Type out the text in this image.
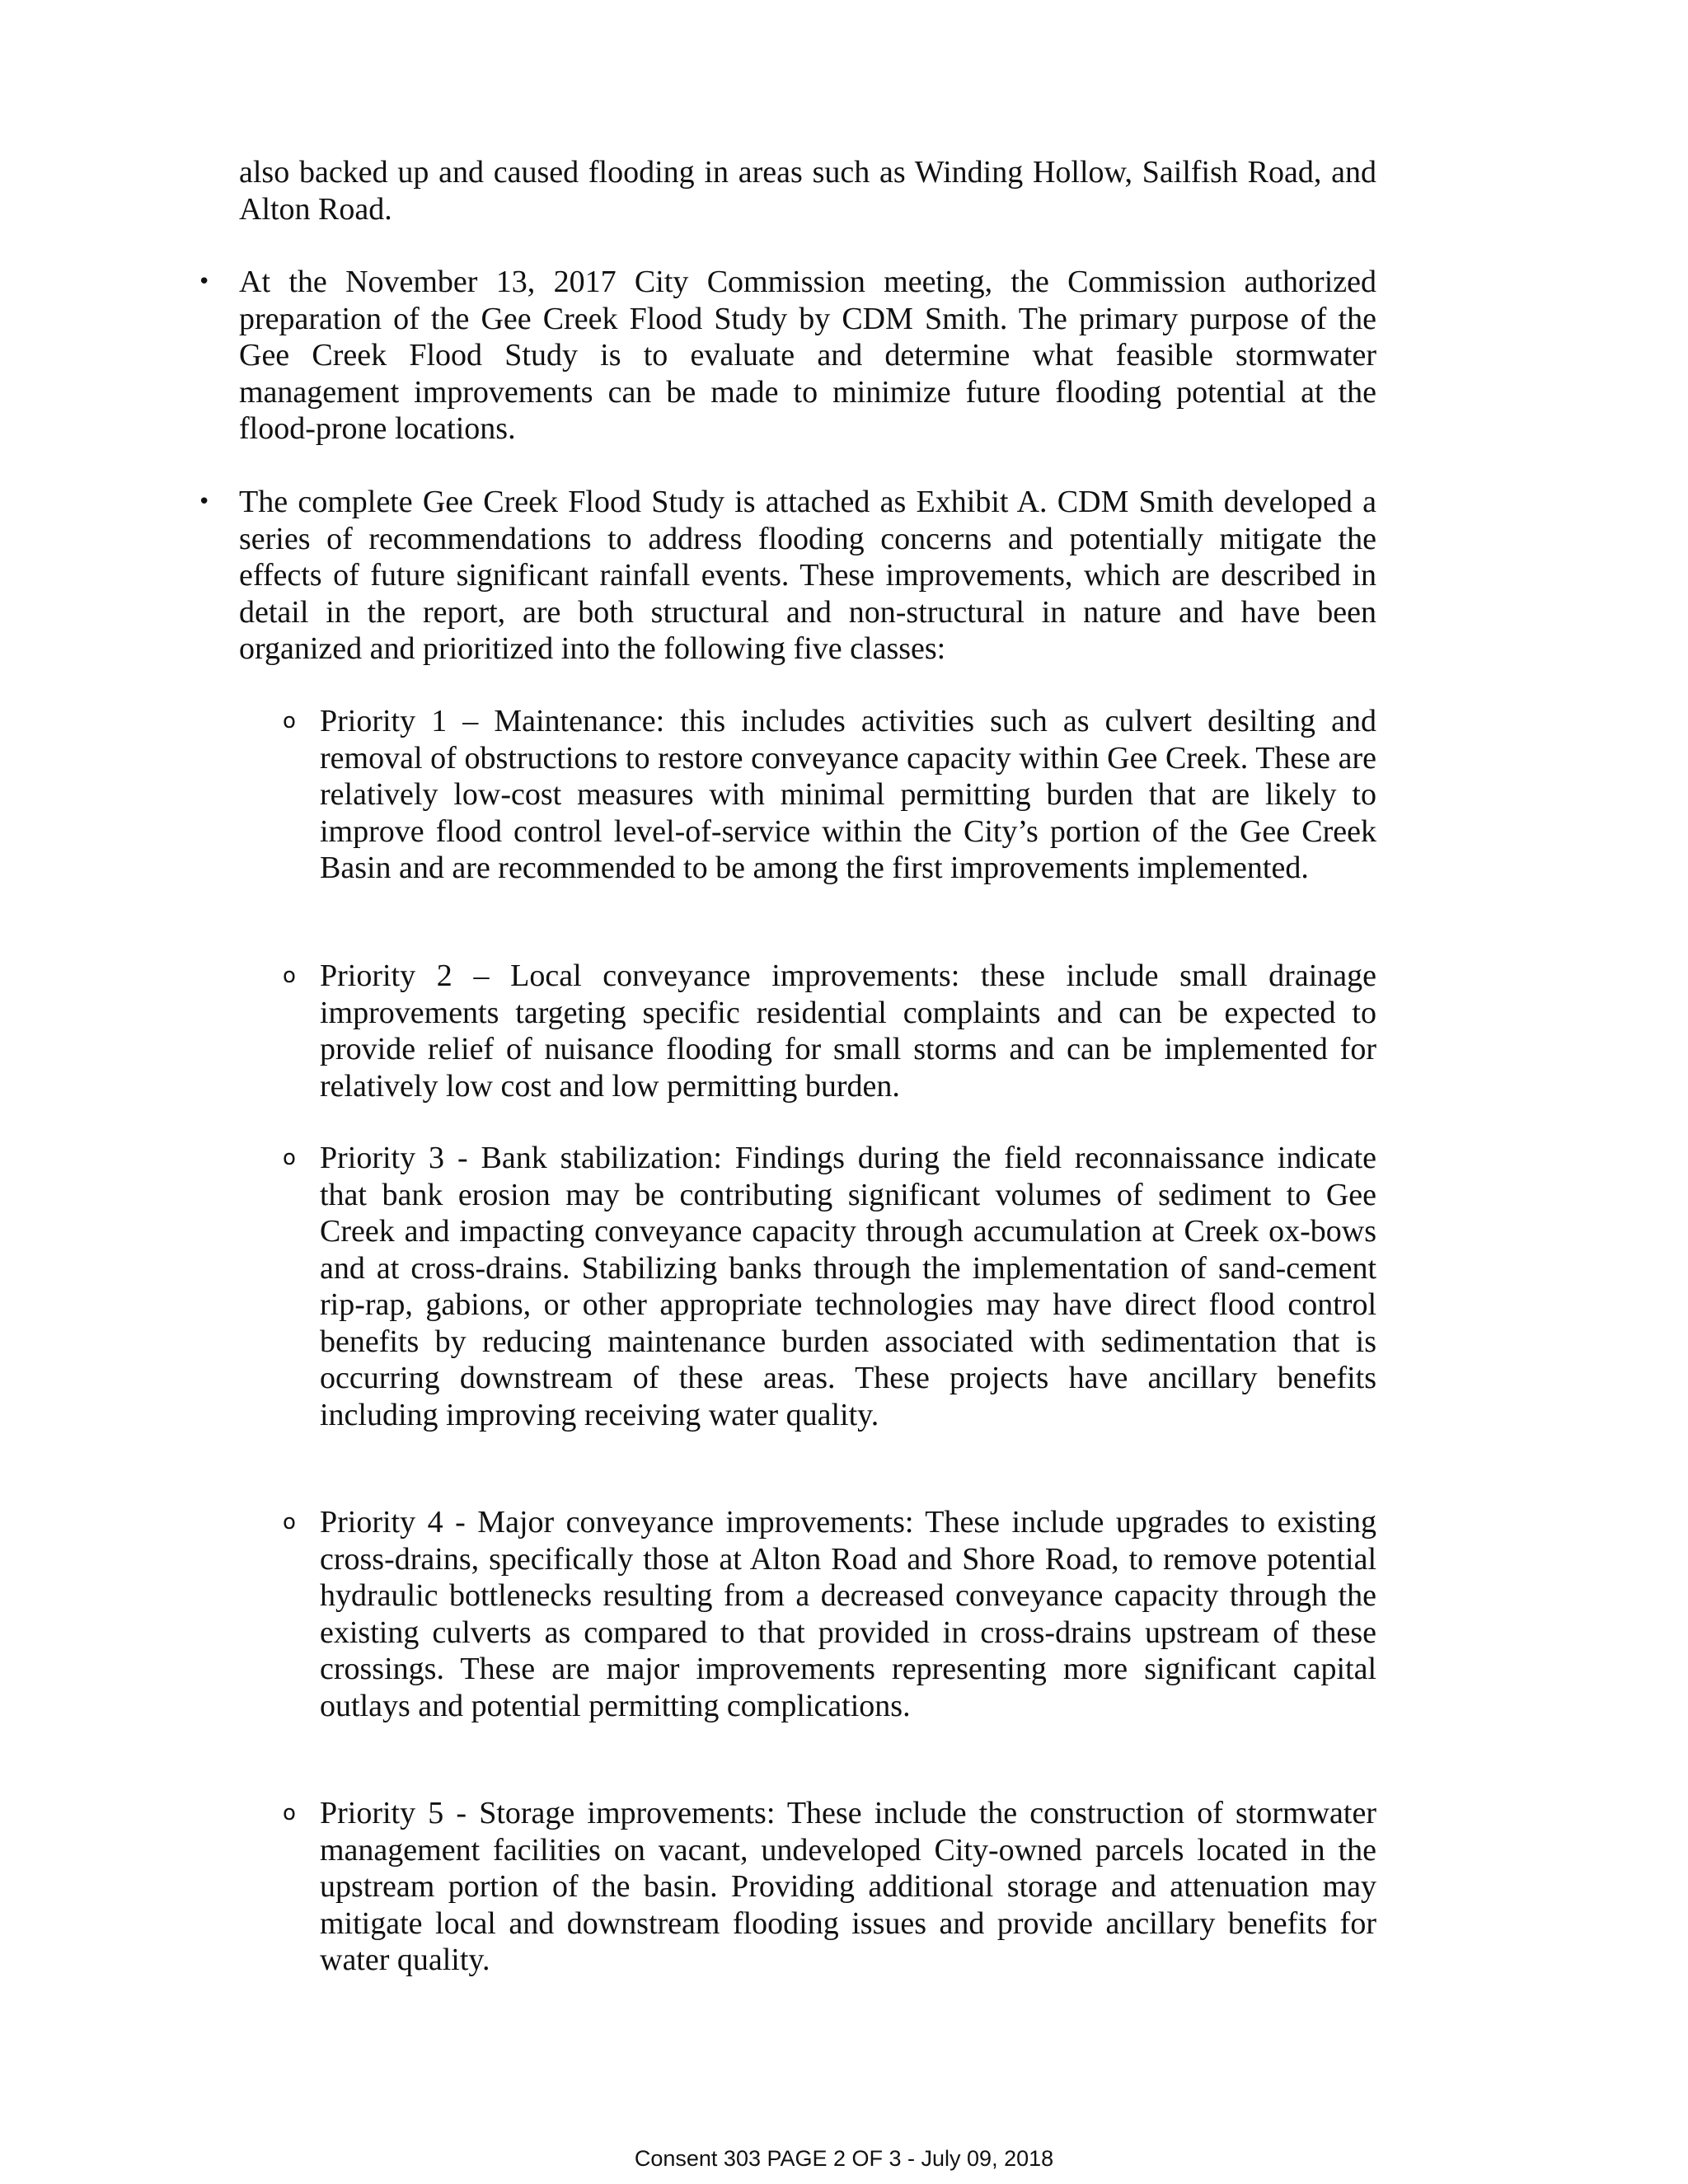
also backed up and caused flooding in areas such as Winding Hollow, Sailfish Road, and Alton Road.

• At the November 13, 2017 City Commission meeting, the Commission authorized preparation of the Gee Creek Flood Study by CDM Smith. The primary purpose of the Gee Creek Flood Study is to evaluate and determine what feasible stormwater management improvements can be made to minimize future flooding potential at the flood-prone locations.

• The complete Gee Creek Flood Study is attached as Exhibit A. CDM Smith developed a series of recommendations to address flooding concerns and potentially mitigate the effects of future significant rainfall events. These improvements, which are described in detail in the report, are both structural and non-structural in nature and have been organized and prioritized into the following five classes:

o Priority 1 – Maintenance: this includes activities such as culvert desilting and removal of obstructions to restore conveyance capacity within Gee Creek. These are relatively low-cost measures with minimal permitting burden that are likely to improve flood control level-of-service within the City’s portion of the Gee Creek Basin and are recommended to be among the first improvements implemented.

o Priority 2 – Local conveyance improvements: these include small drainage improvements targeting specific residential complaints and can be expected to provide relief of nuisance flooding for small storms and can be implemented for relatively low cost and low permitting burden.

o Priority 3 - Bank stabilization: Findings during the field reconnaissance indicate that bank erosion may be contributing significant volumes of sediment to Gee Creek and impacting conveyance capacity through accumulation at Creek ox-bows and at cross-drains. Stabilizing banks through the implementation of sand-cement rip-rap, gabions, or other appropriate technologies may have direct flood control benefits by reducing maintenance burden associated with sedimentation that is occurring downstream of these areas. These projects have ancillary benefits including improving receiving water quality.

o Priority 4 - Major conveyance improvements: These include upgrades to existing cross-drains, specifically those at Alton Road and Shore Road, to remove potential hydraulic bottlenecks resulting from a decreased conveyance capacity through the existing culverts as compared to that provided in cross-drains upstream of these crossings. These are major improvements representing more significant capital outlays and potential permitting complications.

o Priority 5 - Storage improvements: These include the construction of stormwater management facilities on vacant, undeveloped City-owned parcels located in the upstream portion of the basin. Providing additional storage and attenuation may mitigate local and downstream flooding issues and provide ancillary benefits for water quality.

Consent 303 PAGE 2 OF 3 - July 09, 2018
